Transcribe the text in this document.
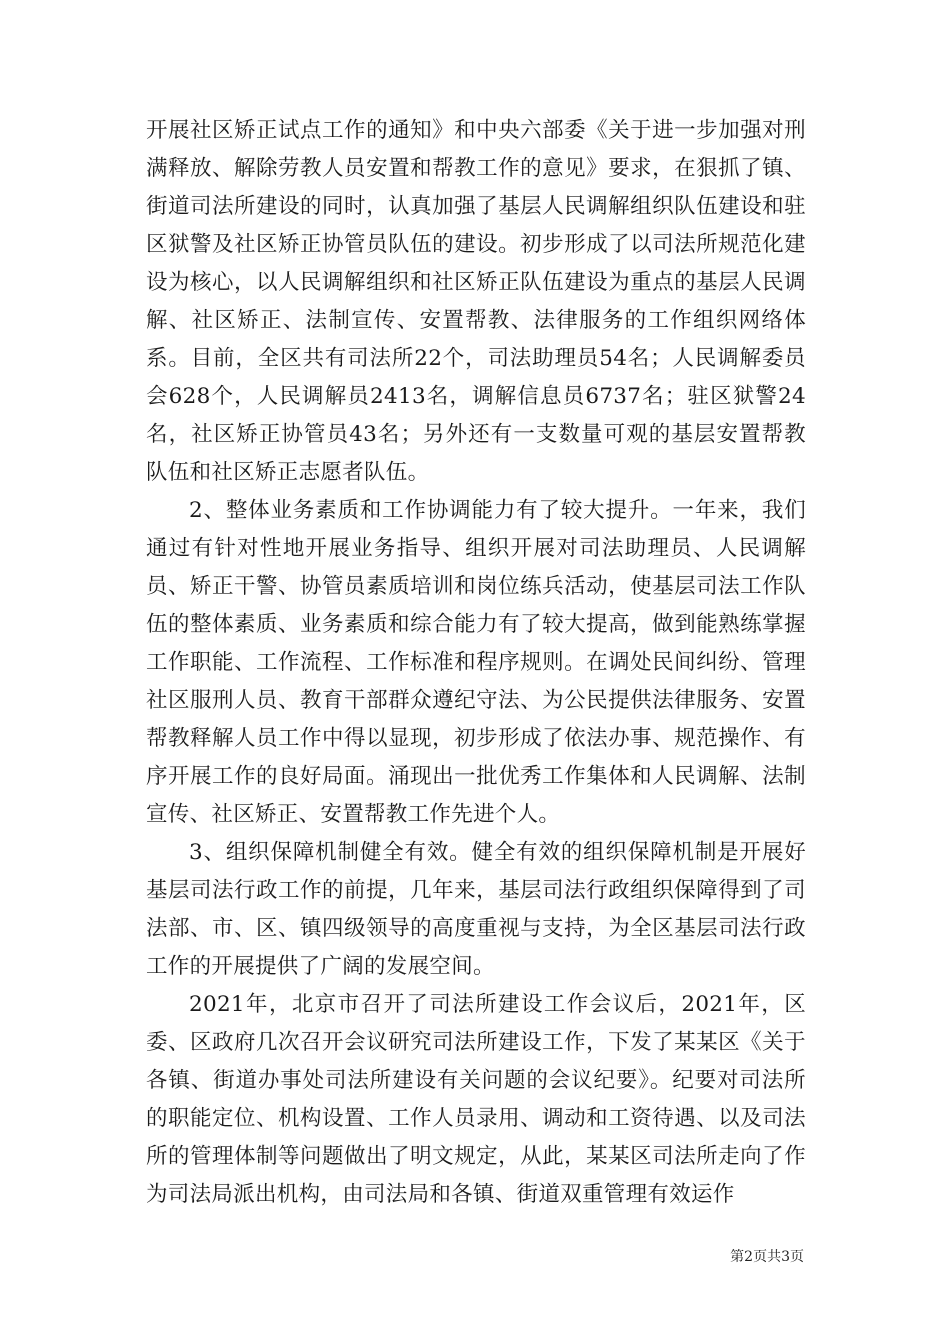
开展社区矫正试点工作的通知》和中央六部委《关于进一步加强对刑满释放、解除劳教人员安置和帮教工作的意见》要求，在狠抓了镇、街道司法所建设的同时，认真加强了基层人民调解组织队伍建设和驻区狱警及社区矫正协管员队伍的建设。初步形成了以司法所规范化建设为核心，以人民调解组织和社区矫正队伍建设为重点的基层人民调解、社区矫正、法制宣传、安置帮教、法律服务的工作组织网络体系。目前，全区共有司法所22个，司法助理员54名；人民调解委员会628个，人民调解员2413名，调解信息员6737名；驻区狱警24名，社区矫正协管员43名；另外还有一支数量可观的基层安置帮教队伍和社区矫正志愿者队伍。

2、整体业务素质和工作协调能力有了较大提升。一年来，我们通过有针对性地开展业务指导、组织开展对司法助理员、人民调解员、矫正干警、协管员素质培训和岗位练兵活动，使基层司法工作队伍的整体素质、业务素质和综合能力有了较大提高，做到能熟练掌握工作职能、工作流程、工作标准和程序规则。在调处民间纠纷、管理社区服刑人员、教育干部群众遵纪守法、为公民提供法律服务、安置帮教释解人员工作中得以显现，初步形成了依法办事、规范操作、有序开展工作的良好局面。涌现出一批优秀工作集体和人民调解、法制宣传、社区矫正、安置帮教工作先进个人。

3、组织保障机制健全有效。健全有效的组织保障机制是开展好基层司法行政工作的前提，几年来，基层司法行政组织保障得到了司法部、市、区、镇四级领导的高度重视与支持，为全区基层司法行政工作的开展提供了广阔的发展空间。

2021年，北京市召开了司法所建设工作会议后，2021年，区委、区政府几次召开会议研究司法所建设工作，下发了某某区《关于各镇、街道办事处司法所建设有关问题的会议纪要》。纪要对司法所的职能定位、机构设置、工作人员录用、调动和工资待遇、以及司法所的管理体制等问题做出了明文规定，从此，某某区司法所走向了作为司法局派出机构，由司法局和各镇、街道双重管理有效运作

第2页共3页
